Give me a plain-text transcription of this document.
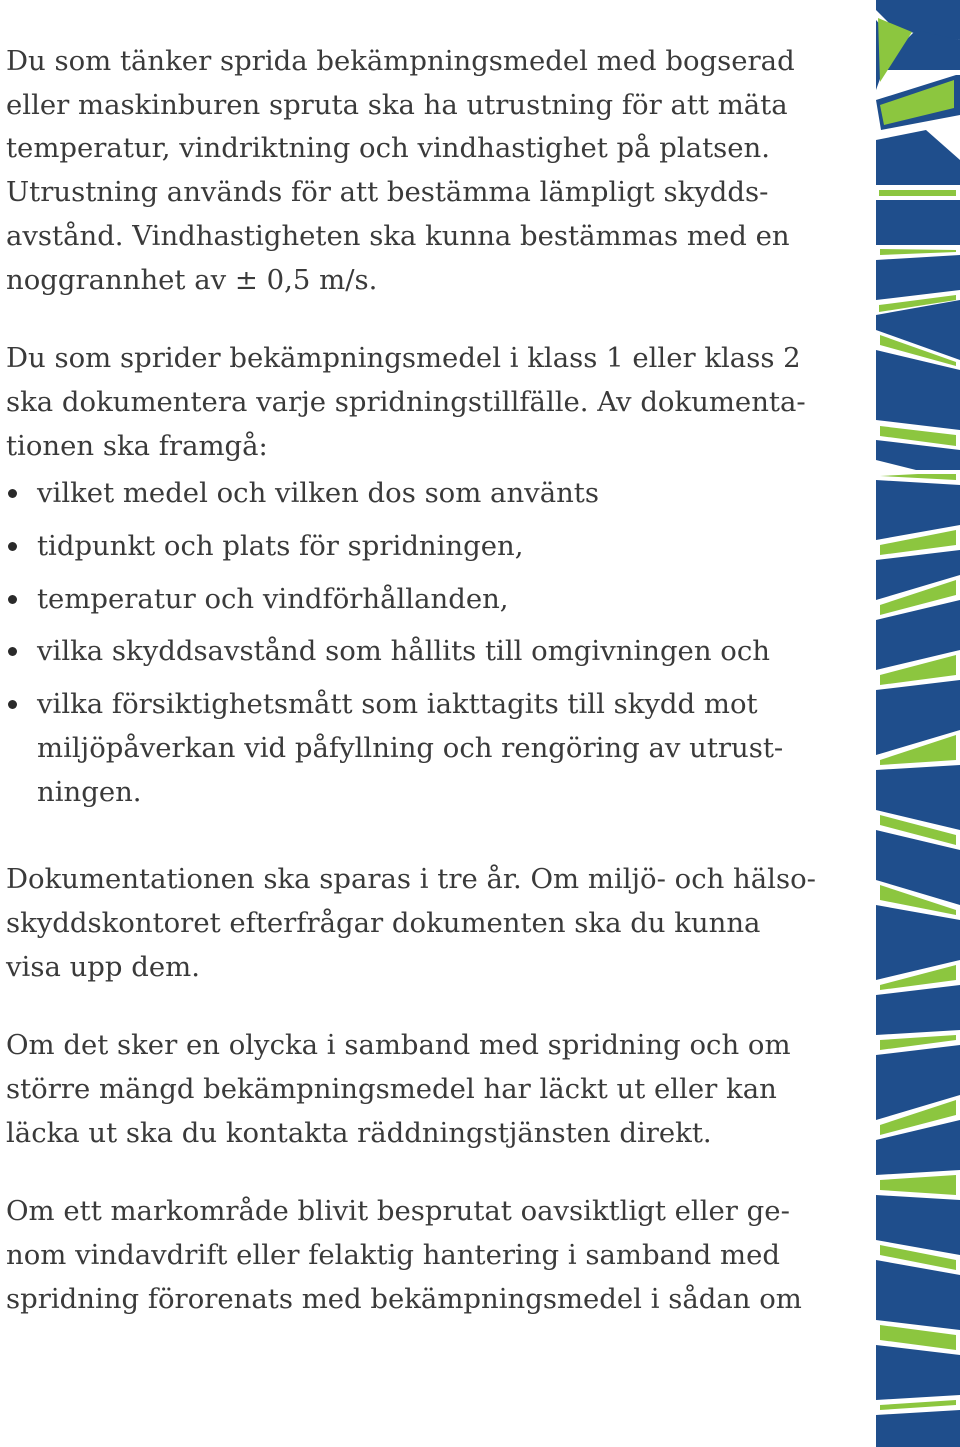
Du som tänker sprida bekämpningsmedel med bogserad
eller maskinburen spruta ska ha utrustning för att mäta
temperatur, vindriktning och vindhastighet på platsen.
Utrustning används för att bestämma lämpligt skydds-
avstånd. Vindhastigheten ska kunna bestämmas med en
noggrannhet av ± 0,5 m/s.

Du som sprider bekämpningsmedel i klass 1 eller klass 2
ska dokumentera varje spridningstillfälle. Av dokumenta-
tionen ska framgå:

vilket medel och vilken dos som använts
tidpunkt och plats för spridningen,
temperatur och vindförhållanden,
vilka skyddsavstånd som hållits till omgivningen och
vilka försiktighetsmått som iakttagits till skydd mot
miljöpåverkan vid påfyllning och rengöring av utrust-
ningen.

Dokumentationen ska sparas i tre år. Om miljö- och hälso-
skyddskontoret efterfrågar dokumenten ska du kunna
visa upp dem.

Om det sker en olycka i samband med spridning och om
större mängd bekämpningsmedel har läckt ut eller kan
läcka ut ska du kontakta räddningstjänsten direkt.

Om ett markområde blivit besprutat oavsiktligt eller ge-
nom vindavdrift eller felaktig hantering i samband med
spridning förorenats med bekämpningsmedel i sådan om
